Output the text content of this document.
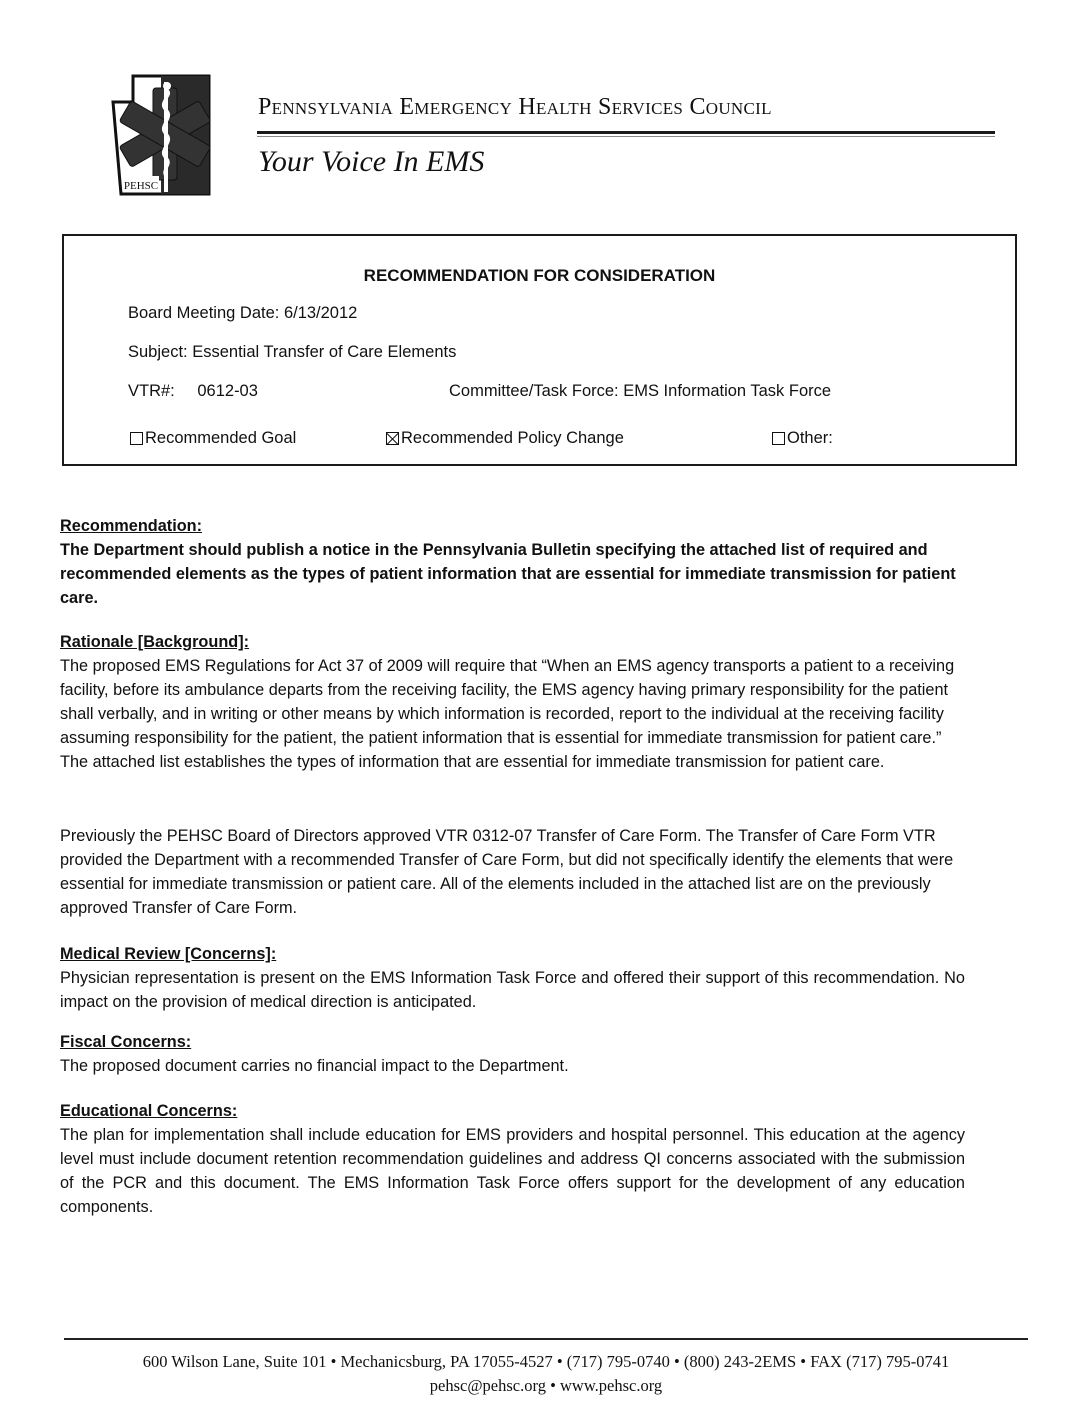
PEHSC
Pennsylvania Emergency Health Services Council
Your Voice In EMS
RECOMMENDATION FOR CONSIDERATION
Board Meeting Date: 6/13/2012
Subject: Essential Transfer of Care Elements
VTR#: 0612-03	Committee/Task Force: EMS Information Task Force
Recommended Goal	Recommended Policy Change	Other:
Recommendation:

The Department should publish a notice in the Pennsylvania Bulletin specifying the attached list of required and recommended elements as the types of patient information that are essential for immediate transmission for patient care.

Rationale [Background]:

The proposed EMS Regulations for Act 37 of 2009 will require that “When an EMS agency transports a patient to a receiving facility, before its ambulance departs from the receiving facility, the EMS agency having primary responsibility for the patient shall verbally, and in writing or other means by which information is recorded, report to the individual at the receiving facility assuming responsibility for the patient, the patient information that is essential for immediate transmission for patient care.” The attached list establishes the types of information that are essential for immediate transmission for patient care.

Previously the PEHSC Board of Directors approved VTR 0312-07 Transfer of Care Form. The Transfer of Care Form VTR provided the Department with a recommended Transfer of Care Form, but did not specifically identify the elements that were essential for immediate transmission or patient care. All of the elements included in the attached list are on the previously approved Transfer of Care Form.

Medical Review [Concerns]:

Physician representation is present on the EMS Information Task Force and offered their support of this recommendation. No impact on the provision of medical direction is anticipated.

Fiscal Concerns:

The proposed document carries no financial impact to the Department.

Educational Concerns:

The plan for implementation shall include education for EMS providers and hospital personnel. This education at the agency level must include document retention recommendation guidelines and address QI concerns associated with the submission of the PCR and this document. The EMS Information Task Force offers support for the development of any education components.

600 Wilson Lane, Suite 101 • Mechanicsburg, PA 17055-4527 • (717) 795-0740 • (800) 243-2EMS • FAX (717) 795-0741
pehsc@pehsc.org • www.pehsc.org
